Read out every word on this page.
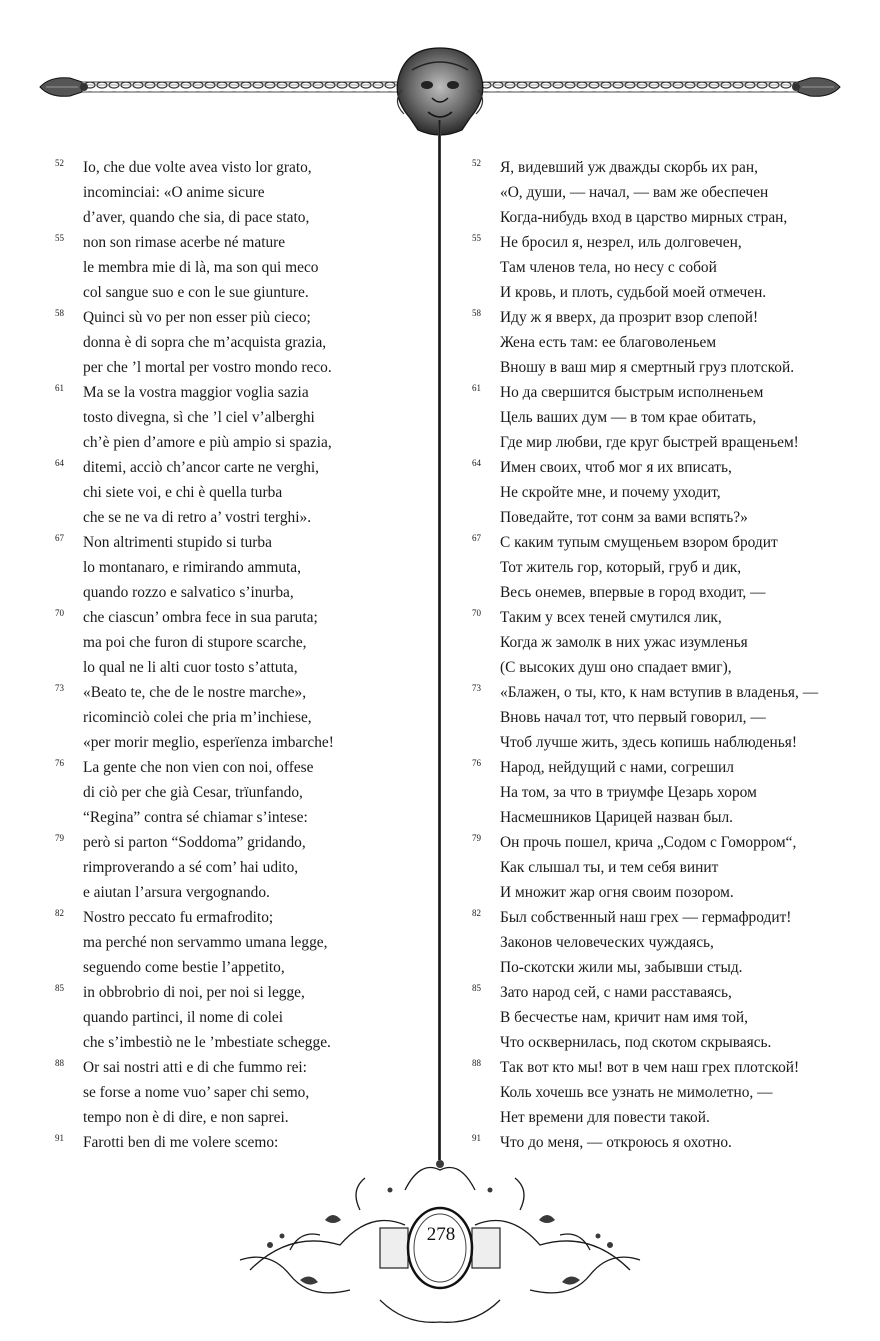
52 Io, che due volte avea visto lor grato,
incominciai: «O anime sicure
d’aver, quando che sia, di pace stato,
55 non son rimase acerbe né mature
le membra mie di là, ma son qui meco
col sangue suo e con le sue giunture.
58 Quinci sù vo per non esser più cieco;
donna è di sopra che m’acquista grazia,
per che ’l mortal per vostro mondo reco.
61 Ma se la vostra maggior voglia sazia
tosto divegna, sì che ’l ciel v’alberghi
ch’è pien d’amore e più ampio si spazia,
64 ditemi, acciò ch’ancor carte ne verghi,
chi siete voi, e chi è quella turba
che se ne va di retro a’ vostri terghi».
67 Non altrimenti stupido si turba
lo montanaro, e rimirando ammuta,
quando rozzo e salvatico s’inurba,
70 che ciascun’ ombra fece in sua paruta;
ma poi che furon di stupore scarche,
lo qual ne li alti cuor tosto s’attuta,
73 «Beato te, che de le nostre marche»,
ricominciò colei che pria m’inchiese,
«per morir meglio, esperïenza imbarche!
76 La gente che non vien con noi, offese
di ciò per che già Cesar, trïunfando,
“Regina” contra sé chiamar s’intese:
79 però si parton “Soddoma” gridando,
rimproverando a sé com’ hai udito,
e aiutan l’arsura vergognando.
82 Nostro peccato fu ermafrodito;
ma perché non servammo umana legge,
seguendo come bestie l’appetito,
85 in obbrobrio di noi, per noi si legge,
quando partinci, il nome di colei
che s’imbestiò ne le ’mbestiate schegge.
88 Or sai nostri atti e di che fummo rei:
se forse a nome vuo’ saper chi semo,
tempo non è di dire, e non saprei.
91 Farotti ben di me volere scemo:
52 Я, видевший уж дважды скорбь их ран,
«О, души, — начал, — вам же обеспечен
Когда-нибудь вход в царство мирных стран,
55 Не бросил я, незрел, иль долговечен,
Там членов тела, но несу с собой
И кровь, и плоть, судьбой моей отмечен.
58 Иду ж я вверх, да прозрит взор слепой!
Жена есть там: ее благоволеньем
Вношу в ваш мир я смертный груз плотской.
61 Но да свершится быстрым исполненьем
Цель ваших дум — в том крае обитать,
Где мир любви, где круг быстрей вращеньем!
64 Имен своих, чтоб мог я их вписать,
Не скройте мне, и почему уходит,
Поведайте, тот сонм за вами вспять?»
67 С каким тупым смущеньем взором бродит
Тот житель гор, который, груб и дик,
Весь онемев, впервые в город входит, —
70 Таким у всех теней смутился лик,
Когда ж замолк в них ужас изумленья
(С высоких душ оно спадает вмиг),
73 «Блажен, о ты, кто, к нам вступив в владенья, —
Вновь начал тот, что первый говорил, —
Чтоб лучше жить, здесь копишь наблюденья!
76 Народ, нейдущий с нами, согрешил
На том, за что в триумфе Цезарь хором
Насмешников Царицей назван был.
79 Он прочь пошел, крича „Содом с Гоморром“,
Как слышал ты, и тем себя винит
И множит жар огня своим позором.
82 Был собственный наш грех — гермафродит!
Законов человеческих чуждаясь,
По-скотски жили мы, забывши стыд.
85 Зато народ сей, с нами расставаясь,
В бесчестье нам, кричит нам имя той,
Что осквернилась, под скотом скрываясь.
88 Так вот кто мы! вот в чем наш грех плотской!
Коль хочешь все узнать не мимолетно, —
Нет времени для повести такой.
91 Что до меня, — откроюсь я охотно.
278
